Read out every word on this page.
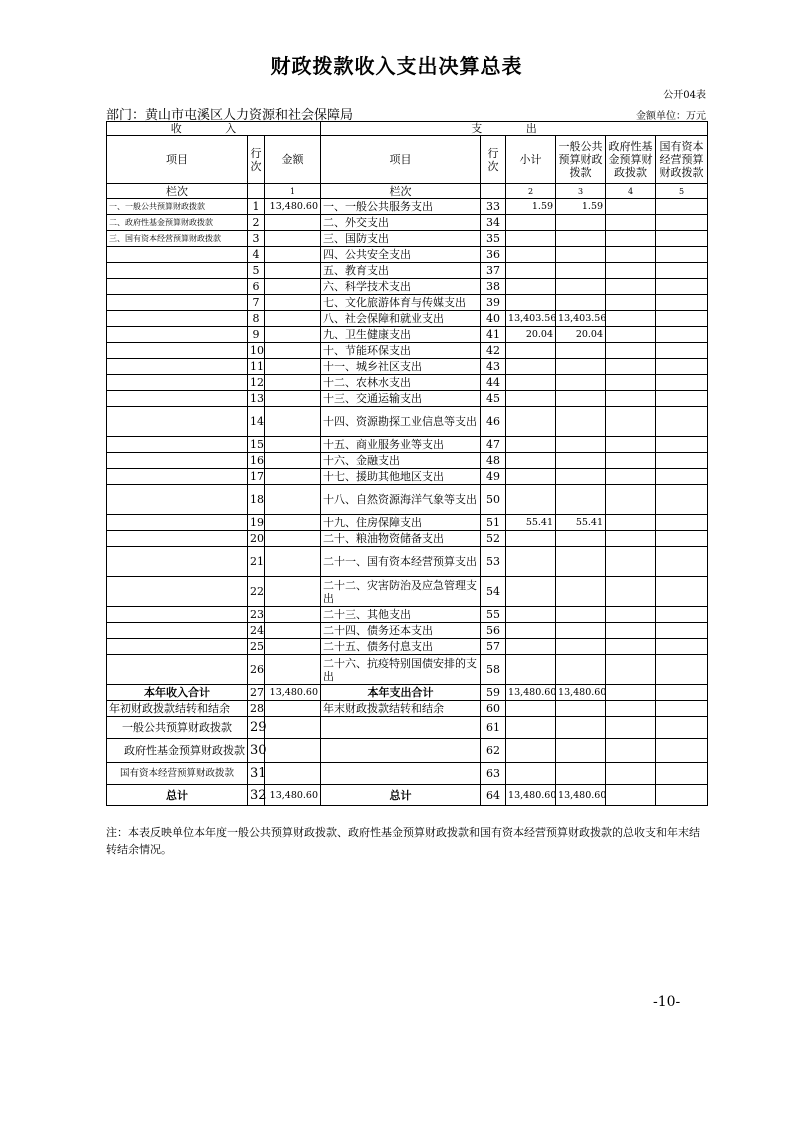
财政拨款收入支出决算总表
公开04表
部门：黄山市屯溪区人力资源和社会保障局	金额单位：万元
收 入			支 出					
项目	行次	金额	项目	行次	小计	一般公共预算财政拨款	政府性基金预算财政拨款	国有资本经营预算财政拨款
栏次		1	栏次		2	3	4	5
一、一般公共预算财政拨款	1	13,480.60	一、一般公共服务支出	33	1.59	1.59		
二、政府性基金预算财政拨款	2		二、外交支出	34				
三、国有资本经营预算财政拨款	3		三、国防支出	35				
	4		四、公共安全支出	36				
	5		五、教育支出	37				
	6		六、科学技术支出	38				
	7		七、文化旅游体育与传媒支出	39				
	8		八、社会保障和就业支出	40	13,403.56	13,403.56		
	9		九、卫生健康支出	41	20.04	20.04		
	10		十、节能环保支出	42				
	11		十一、城乡社区支出	43				
	12		十二、农林水支出	44				
	13		十三、交通运输支出	45				
	14		十四、资源勘探工业信息等支出	46				
	15		十五、商业服务业等支出	47				
	16		十六、金融支出	48				
	17		十七、援助其他地区支出	49				
	18		十八、自然资源海洋气象等支出	50				
	19		十九、住房保障支出	51	55.41	55.41		
	20		二十、粮油物资储备支出	52				
	21		二十一、国有资本经营预算支出	53				
	22		二十二、灾害防治及应急管理支出	54				
	23		二十三、其他支出	55				
	24		二十四、债务还本支出	56				
	25		二十五、债务付息支出	57				
	26		二十六、抗疫特别国债安排的支出	58				
本年收入合计	27	13,480.60	本年支出合计	59	13,480.60	13,480.60		
年初财政拨款结转和结余	28		年末财政拨款结转和结余	60				
一般公共预算财政拨款	29			61				
政府性基金预算财政拨款	30			62				
国有资本经营预算财政拨款	31			63				
总计	32	13,480.60	总计	64	13,480.60	13,480.60		
注：本表反映单位本年度一般公共预算财政拨款、政府性基金预算财政拨款和国有资本经营预算财政拨款的总收支和年末结转结余情况。
-10-
